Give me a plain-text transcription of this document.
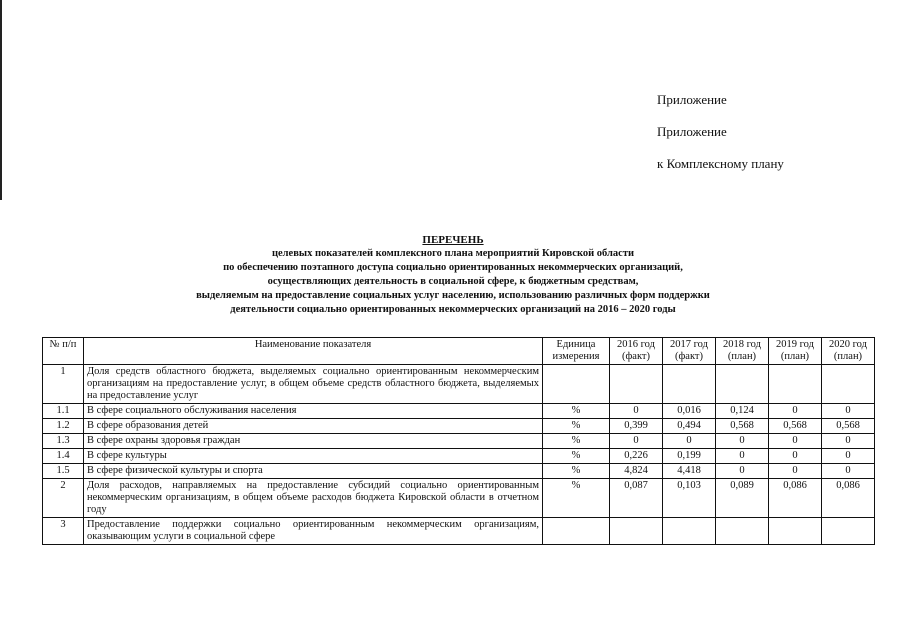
Приложение
Приложение
к Комплексному плану
ПЕРЕЧЕНЬ
целевых показателей комплексного плана мероприятий Кировской области
по обеспечению поэтапного доступа социально ориентированных некоммерческих организаций,
осуществляющих деятельность в социальной сфере, к бюджетным средствам,
выделяемым на предоставление социальных услуг населению, использованию различных форм поддержки
деятельности социально ориентированных некоммерческих организаций на 2016 – 2020 годы
№ п/п	Наименование показателя	Единица измерения	2016 год (факт)	2017 год (факт)	2018 год (план)	2019 год (план)	2020 год (план)
1	Доля средств областного бюджета, выделяемых социально ориентированным некоммерческим организациям на предоставление услуг, в общем объеме средств областного бюджета, выделяемых на предоставление услуг						
1.1	В сфере социального обслуживания населения	%	0	0,016	0,124	0	0
1.2	В сфере образования детей	%	0,399	0,494	0,568	0,568	0,568
1.3	В сфере охраны здоровья граждан	%	0	0	0	0	0
1.4	В сфере культуры	%	0,226	0,199	0	0	0
1.5	В сфере физической культуры и спорта	%	4,824	4,418	0	0	0
2	Доля расходов, направляемых на предоставление субсидий социально ориентированным некоммерческим организациям, в общем объеме расходов бюджета Кировской области в отчетном году	%	0,087	0,103	0,089	0,086	0,086
3	Предоставление поддержки социально ориентированным некоммерческим организациям, оказывающим услуги в социальной сфере						
